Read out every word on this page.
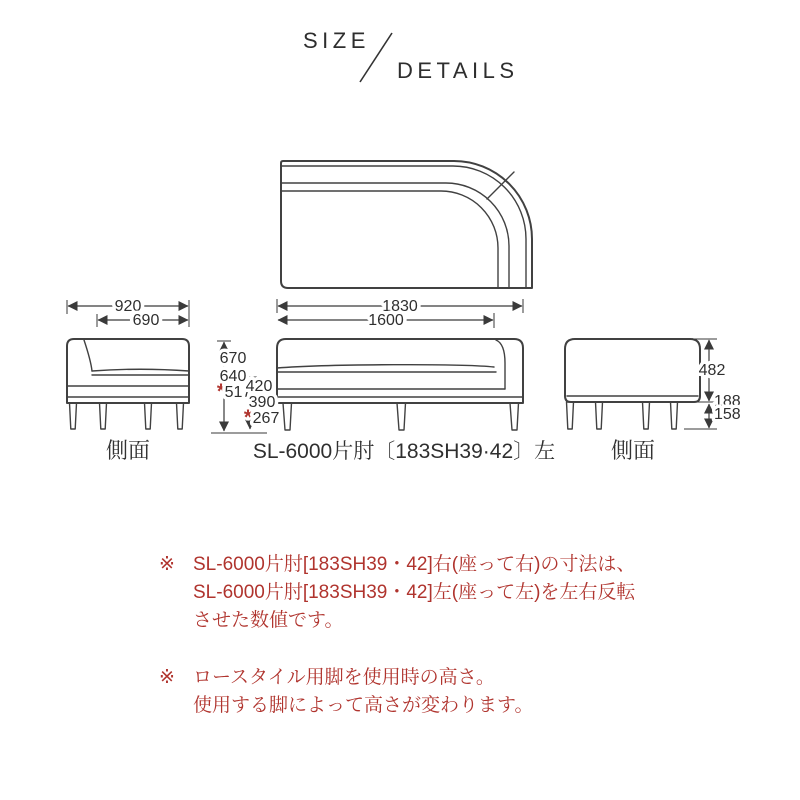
SIZE
DETAILS
920
690
1830
1600
670
640
* 517
420
390
* 267
482
188
158
側面	SL-6000片肘〔183SH39·42〕左	側面
※ SL-6000片肘[183SH39・42]右(座って右)の寸法は、
SL-6000片肘[183SH39・42]左(座って左)を左右反転
させた数値です。
※ ロースタイル用脚を使用時の高さ。
使用する脚によって高さが変わります。
